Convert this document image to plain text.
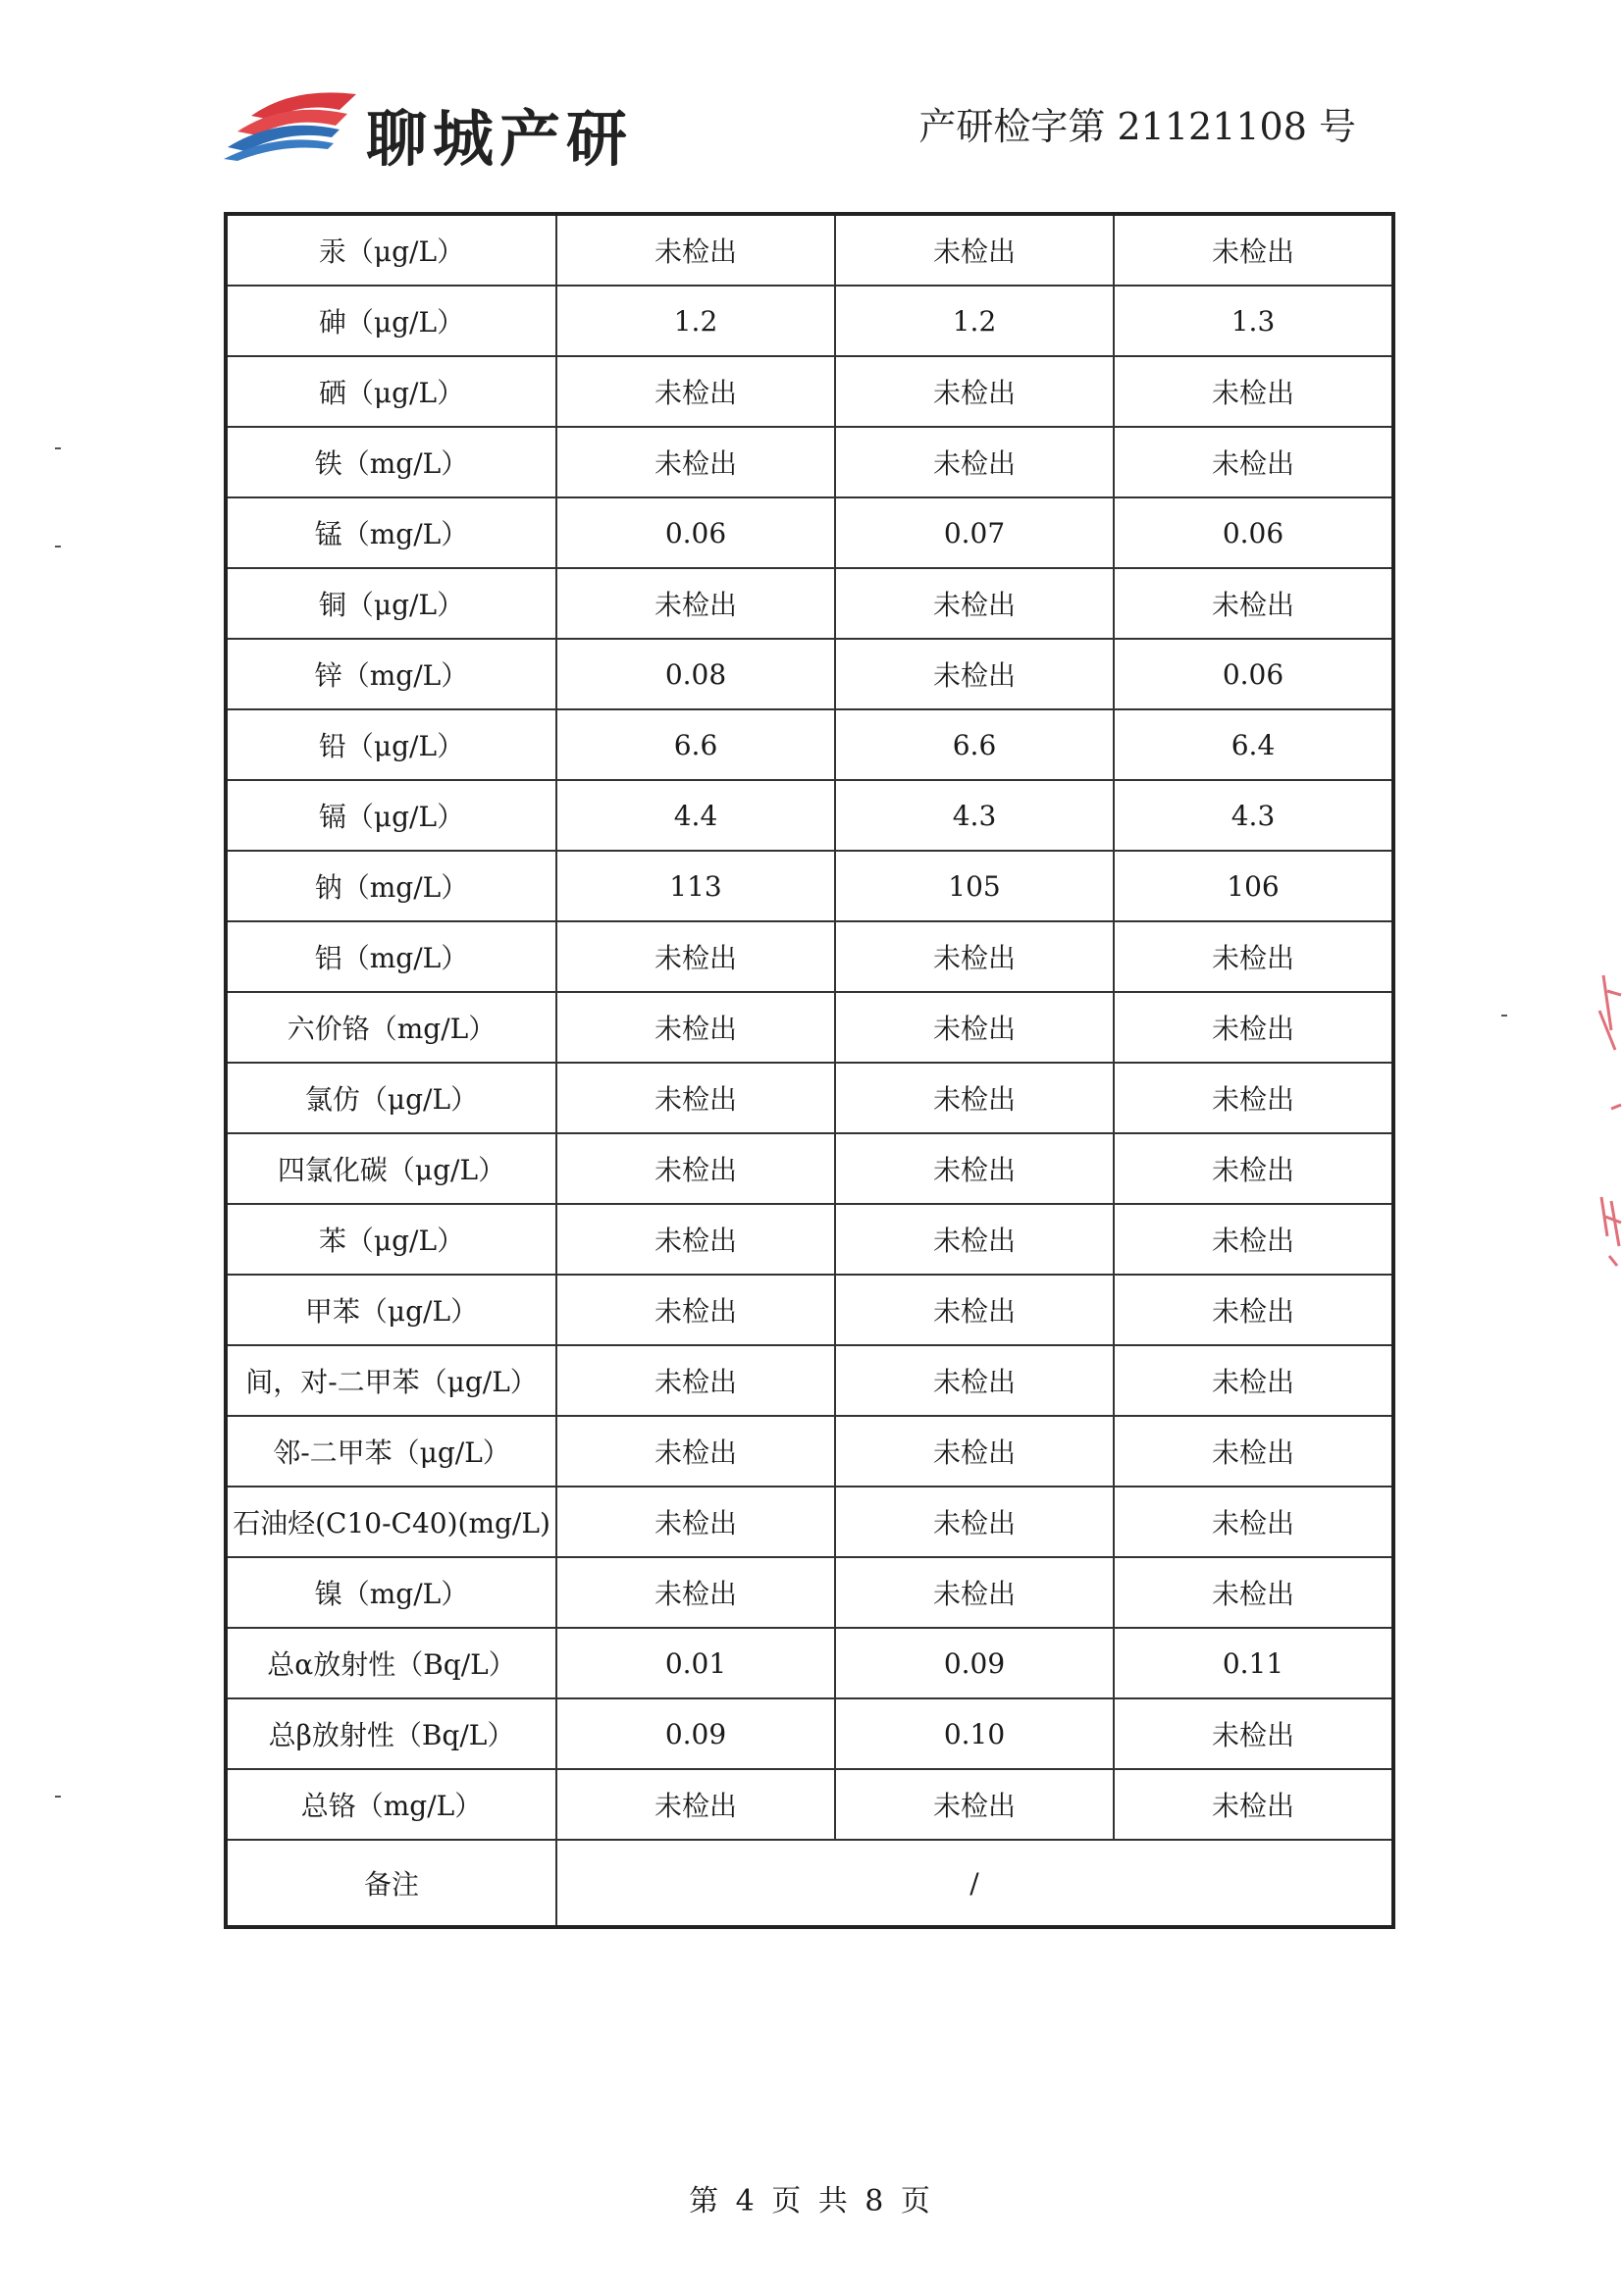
聊城产研	产研检字第 21121108 号
汞（μg/L）	未检出	未检出	未检出
砷（μg/L）	1.2	1.2	1.3
硒（μg/L）	未检出	未检出	未检出
铁（mg/L）	未检出	未检出	未检出
锰（mg/L）	0.06	0.07	0.06
铜（μg/L）	未检出	未检出	未检出
锌（mg/L）	0.08	未检出	0.06
铅（μg/L）	6.6	6.6	6.4
镉（μg/L）	4.4	4.3	4.3
钠（mg/L）	113	105	106
铝（mg/L）	未检出	未检出	未检出
六价铬（mg/L）	未检出	未检出	未检出
氯仿（μg/L）	未检出	未检出	未检出
四氯化碳（μg/L）	未检出	未检出	未检出
苯（μg/L）	未检出	未检出	未检出
甲苯（μg/L）	未检出	未检出	未检出
间，对-二甲苯（μg/L）	未检出	未检出	未检出
邻-二甲苯（μg/L）	未检出	未检出	未检出
石油烃(C10-C40)(mg/L)	未检出	未检出	未检出
镍（mg/L）	未检出	未检出	未检出
总α放射性（Bq/L）	0.01	0.09	0.11
总β放射性（Bq/L）	0.09	0.10	未检出
总铬（mg/L）	未检出	未检出	未检出
备注	/		
第 4 页 共 8 页
